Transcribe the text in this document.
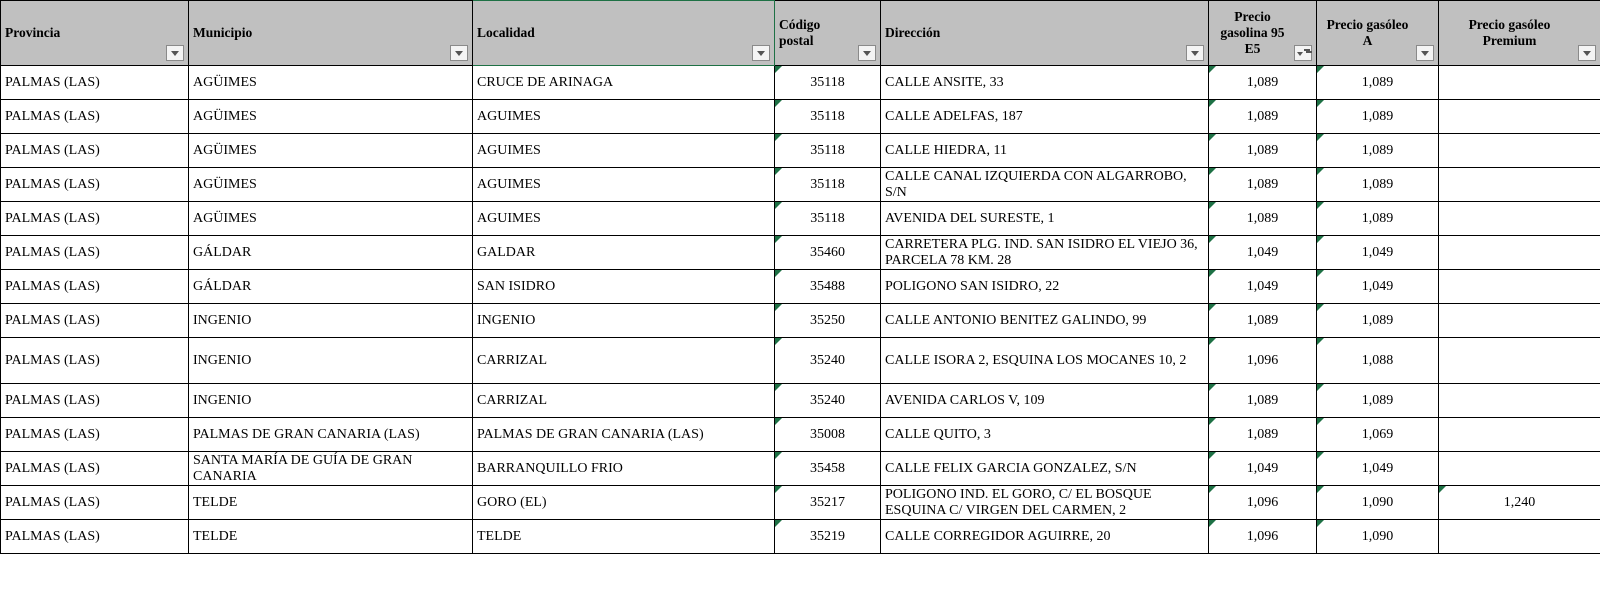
Provincia	Municipio	Localidad	Código postal	Dirección	Precio gasolina 95 E5	Precio gasóleo A	Precio gasóleo Premium

PALMAS (LAS)	AGÜIMES	CRUCE DE ARINAGA	35118	CALLE ANSITE, 33	1,089	1,089	
PALMAS (LAS)	AGÜIMES	AGUIMES	35118	CALLE ADELFAS, 187	1,089	1,089	
PALMAS (LAS)	AGÜIMES	AGUIMES	35118	CALLE HIEDRA, 11	1,089	1,089	
PALMAS (LAS)	AGÜIMES	AGUIMES	35118	CALLE CANAL IZQUIERDA CON ALGARROBO, S/N	1,089	1,089	
PALMAS (LAS)	AGÜIMES	AGUIMES	35118	AVENIDA DEL SURESTE, 1	1,089	1,089	
PALMAS (LAS)	GÁLDAR	GALDAR	35460	CARRETERA PLG. IND. SAN ISIDRO EL VIEJO 36, PARCELA 78 KM. 28	1,049	1,049	
PALMAS (LAS)	GÁLDAR	SAN ISIDRO	35488	POLIGONO SAN ISIDRO, 22	1,049	1,049	
PALMAS (LAS)	INGENIO	INGENIO	35250	CALLE ANTONIO BENITEZ GALINDO, 99	1,089	1,089	
PALMAS (LAS)	INGENIO	CARRIZAL	35240	CALLE ISORA 2, ESQUINA LOS MOCANES 10, 2	1,096	1,088	
PALMAS (LAS)	INGENIO	CARRIZAL	35240	AVENIDA CARLOS V, 109	1,089	1,089	
PALMAS (LAS)	PALMAS DE GRAN CANARIA (LAS)	PALMAS DE GRAN CANARIA (LAS)	35008	CALLE QUITO, 3	1,089	1,069	
PALMAS (LAS)	SANTA MARÍA DE GUÍA DE GRAN CANARIA	BARRANQUILLO FRIO	35458	CALLE FELIX GARCIA GONZALEZ, S/N	1,049	1,049	
PALMAS (LAS)	TELDE	GORO (EL)	35217	POLIGONO IND. EL GORO, C/ EL BOSQUE ESQUINA C/ VIRGEN DEL CARMEN, 2	1,096	1,090	1,240
PALMAS (LAS)	TELDE	TELDE	35219	CALLE CORREGIDOR AGUIRRE, 20	1,096	1,090	
